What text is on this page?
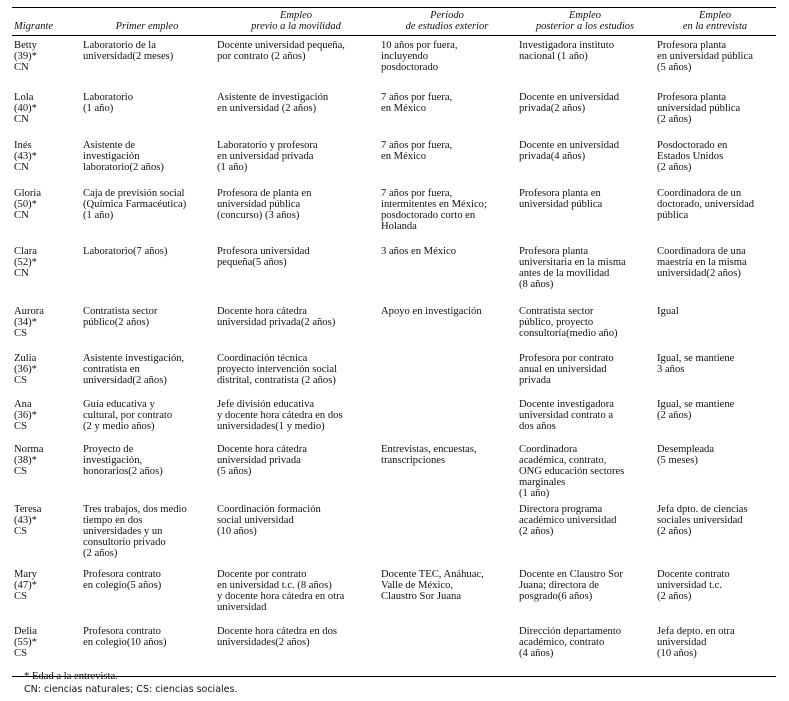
Migrante	Primer empleo	Empleo
previo a la movilidad	Periodo
de estudios exterior	Empleo
posterior a los estudios	Empleo
en la entrevista
Betty
(39)*
CN	Laboratorio de la
universidad(2 meses)	Docente universidad pequeña,
por contrato (2 años)	10 años por fuera,
incluyendo
posdoctorado	Investigadora instituto
nacional (1 año)	Profesora planta
en universidad pública
(5 años)
Lola
(40)*
CN	Laboratorio
(1 año)	Asistente de investigación
en universidad (2 años)	7 años por fuera,
en México	Docente en universidad
privada(2 años)	Profesora planta
universidad pública
(2 años)
Inés
(43)*
CN	Asistente de
investigación
laboratorio(2 años)	Laboratorio y profesora
en universidad privada
(1 año)	7 años por fuera,
en México	Docente en universidad
privada(4 años)	Posdoctorado en
Estados Unidos
(2 años)
Gloria
(50)*
CN	Caja de previsión social
(Química Farmacéutica)
(1 año)	Profesora de planta en
universidad pública
(concurso) (3 años)	7 años por fuera,
intermitentes en México;
posdoctorado corto en
Holanda	Profesora planta en
universidad pública	Coordinadora de un
doctorado, universidad
pública
Clara
(52)*
CN	Laboratorio(7 años)	Profesora universidad
pequeña(5 años)	3 años en México	Profesora planta
universitaria en la misma
antes de la movilidad
(8 años)	Coordinadora de una
maestría en la misma
universidad(2 años)
Aurora
(34)*
CS	Contratista sector
público(2 años)	Docente hora cátedra
universidad privada(2 años)	Apoyo en investigación	Contratista sector
público, proyecto
consultoría(medio año)	Igual
Zulia
(36)*
CS	Asistente investigación,
contratista en
universidad(2 años)	Coordinación técnica
proyecto intervención social
distrital, contratista (2 años)		Profesora por contrato
anual en universidad
privada	Igual, se mantiene
3 años
Ana
(36)*
CS	Guía educativa y
cultural, por contrato
(2 y medio años)	Jefe división educativa
y docente hora cátedra en dos
universidades(1 y medio)		Docente investigadora
universidad contrato a
dos años	Igual, se mantiene
(2 años)
Norma
(38)*
CS	Proyecto de
investigación,
honorarios(2 años)	Docente hora cátedra
universidad privada
(5 años)	Entrevistas, encuestas,
transcripciones	Coordinadora
académica, contrato,
ONG educación sectores
marginales
(1 año)	Desempleada
(5 meses)
Teresa
(43)*
CS	Tres trabajos, dos medio
tiempo en dos
universidades y un
consultorio privado
(2 años)	Coordinación formación
social universidad
(10 años)		Directora programa
académico universidad
(2 años)	Jefa dpto. de ciencias
sociales universidad
(2 años)
Mary
(47)*
CS	Profesora contrato
en colegio(5 años)	Docente por contrato
en universidad t.c. (8 años)
y docente hora cátedra en otra
universidad	Docente TEC, Anáhuac,
Valle de México,
Claustro Sor Juana	Docente en Claustro Sor
Juana; directora de
posgrado(6 años)	Docente contrato
universidad t.c.
(2 años)
Delia
(55)*
CS	Profesora contrato
en colegio(10 años)	Docente hora cátedra en dos
universidades(2 años)		Dirección departamento
académico, contrato
(4 años)	Jefa depto. en otra
universidad
(10 años)
* Edad a la entrevista.
CN: ciencias naturales; CS: ciencias sociales.
